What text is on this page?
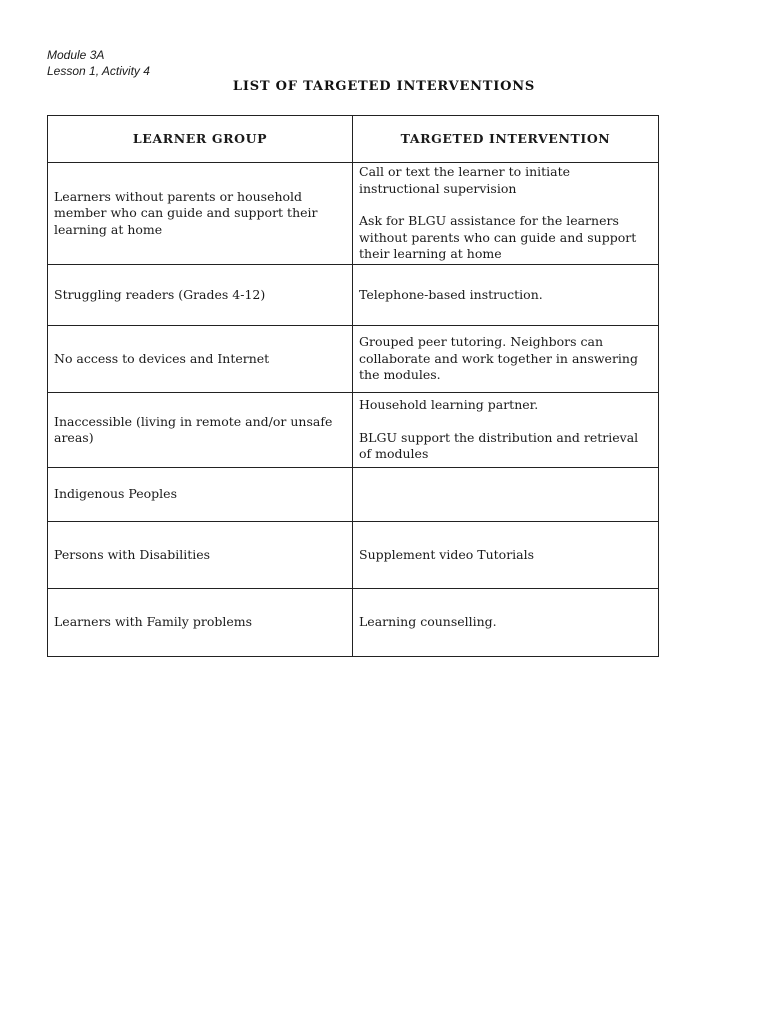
Module 3A
Lesson 1, Activity 4
LIST OF TARGETED INTERVENTIONS
LEARNER GROUP	TARGETED INTERVENTION
Learners without parents or household member who can guide and support their learning at home	Call or text the learner to initiate instructional supervision
Ask for BLGU assistance for the learners without parents who can guide and support their learning at home

Struggling readers (Grades 4-12)	Telephone-based instruction.

No access to devices and Internet	Grouped peer tutoring. Neighbors can collaborate and work together in answering the modules.

Inaccessible (living in remote and/or unsafe areas)	Household learning partner.
BLGU support the distribution and retrieval of modules

Indigenous Peoples	
Persons with Disabilities	Supplement video Tutorials

Learners with Family problems	Learning counselling.
